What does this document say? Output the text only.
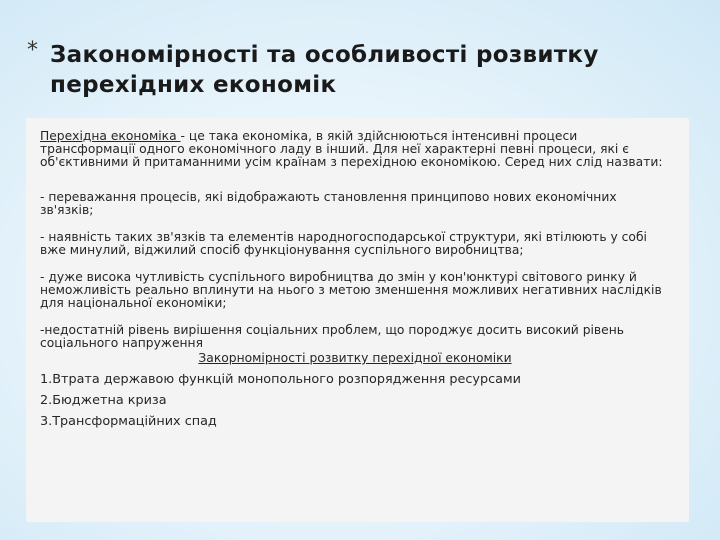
* Закономірності та особливості розвитку перехідних економік

Перехідна економіка - це така економіка, в якій здійснюються інтенсивні процеси трансформації одного економічного ладу в інший. Для неї характерні певні процеси, які є об'єктивними й притаманними усім країнам з перехідною економікою. Серед них слід назвати:

- переважання процесів, які відображають становлення принципово нових економічних зв'язків;

- наявність таких зв'язків та елементів народногосподарської структури, які втілюють у собі вже минулий, віджилий спосіб функціонування суспільного виробництва;

- дуже висока чутливість суспільного виробництва до змін у кон'юнктурі світового ринку й неможливість реально вплинути на нього з метою зменшення можливих негативних наслідків для національної економіки;

-недостатній рівень вирішення соціальних проблем, що породжує досить високий рівень соціального напруження

Закорномірності розвитку перехідної економіки

1.Втрата державою функцій монопольного розпорядження ресурсами

2.Бюджетна криза

3.Трансформаційних спад
